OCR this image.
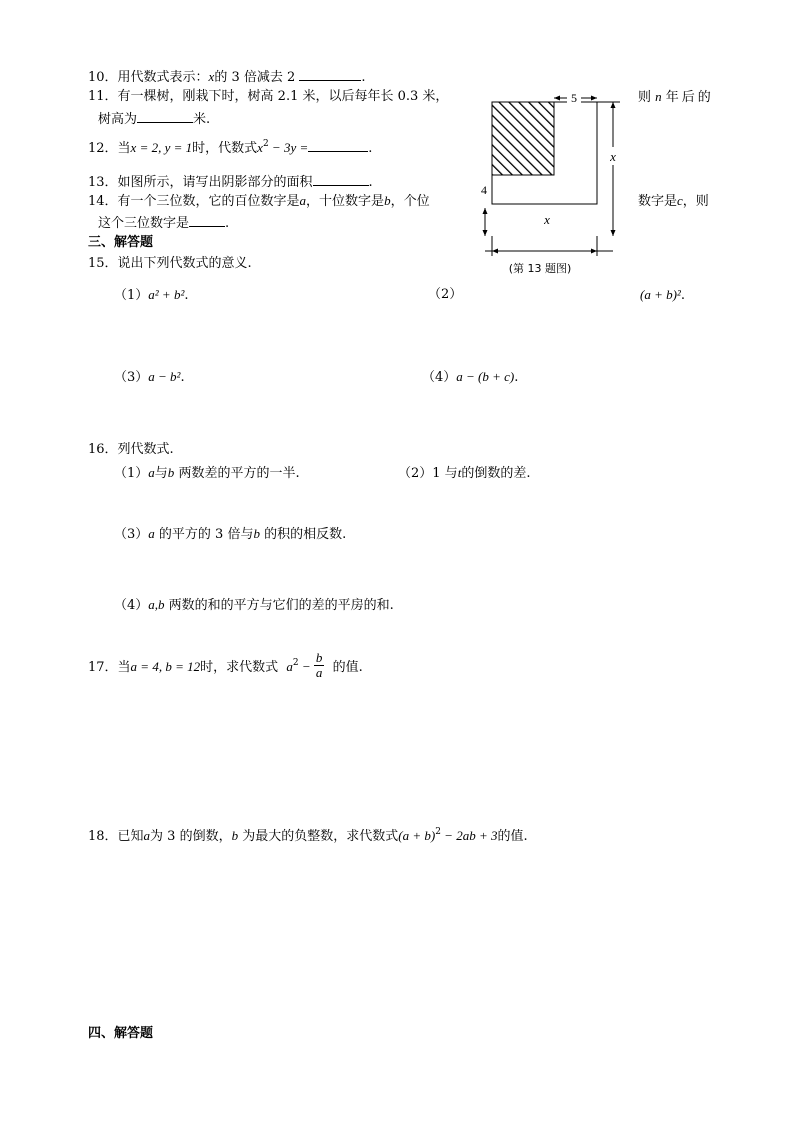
10．用代数式表示：x的 3 倍减去 2	.
11．有一棵树，刚栽下时，树高 2.1 米，以后每年长 0.3 米，	则 n 年后的
树高为	米.
12．当x = 2, y = 1时，代数式$x^2 - 3y$ =	.
13．如图所示，请写出阴影部分的面积	.
14．有一个三位数，它的百位数字是a，十位数字是b，个位	数字是c，则
这个三位数字是	.
三、解答题
15．说出下列代数式的意义.
（1）a² + b².	（2）	(a + b)².
（3）a − b².	（4）a − (b + c).
16．列代数式.
（1）a与b 两数差的平方的一半.	（2）1 与t的倒数的差.
（3）a 的平方的 3 倍与b 的积的相反数.
（4）a,b 两数的和的平方与它们的差的平房的和.
17．当a = 4, b = 12时，求代数式 $a^2 - \frac{b}{a}$ 的值.
18．已知a为 3 的倒数，b 为最大的负整数，求代数式$(a + b)^2 - 2ab + 3$的值.
四、解答题
5
x
4
x
(第 13 题图)
